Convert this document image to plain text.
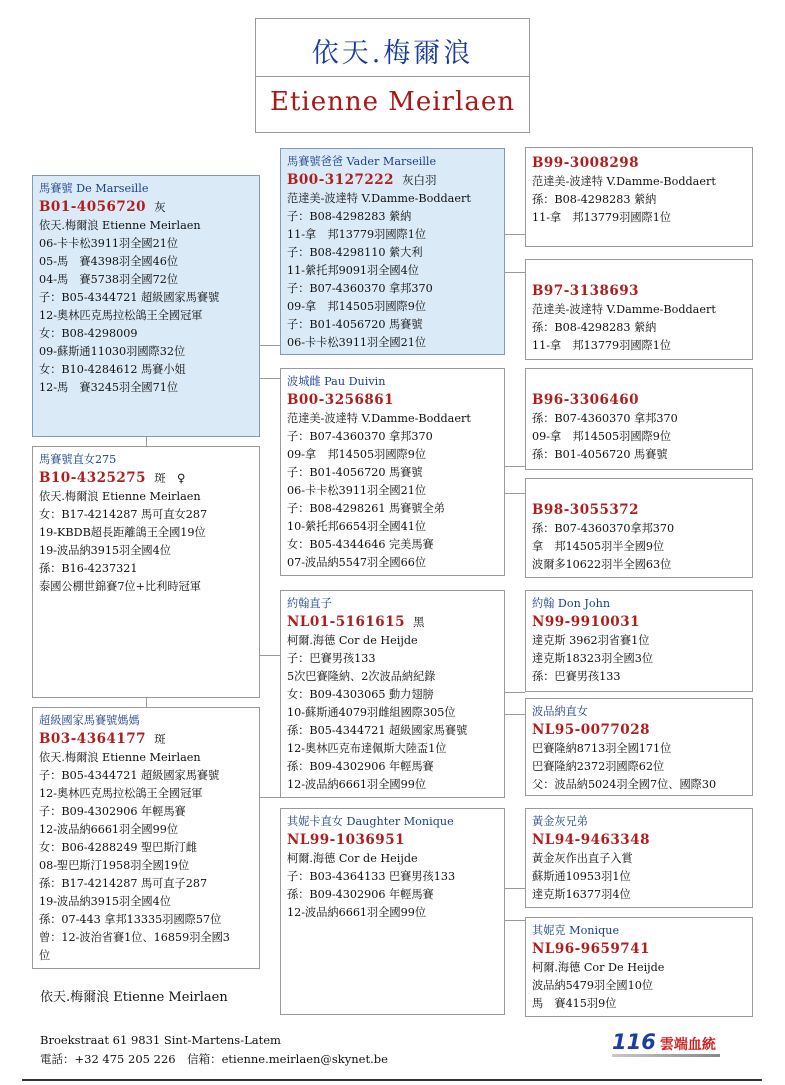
依天.梅爾浪
Etienne Meirlaen
馬賽號 De Marseille
B01-4056720 灰
依天.梅爾浪 Etienne Meirlaen
06-卡卡松3911羽全國21位
05-馬　賽4398羽全國46位
04-馬　賽5738羽全國72位
子：B05-4344721 超級國家馬賽號
12-奧林匹克馬拉松鴿王全國冠軍
女：B08-4298009
09-蘇斯通11030羽國際32位
女：B10-4284612 馬賽小姐
12-馬　賽3245羽全國71位
馬賽號直女275
B10-4325275 斑　♀
依天.梅爾浪 Etienne Meirlaen
女：B17-4214287 馬可直女287
19-KBDB超長距離鴿王全國19位
19-波品納3915羽全國4位
孫：B16-4237321
泰國公棚世錦賽7位+比利時冠軍
超級國家馬賽號媽媽
B03-4364177 斑
依天.梅爾浪 Etienne Meirlaen
子：B05-4344721 超級國家馬賽號
12-奧林匹克馬拉松鴿王全國冠軍
子：B09-4302906 年輕馬賽
12-波品納6661羽全國99位
女：B06-4288249 聖巴斯汀雌
08-聖巴斯汀1958羽全國19位
孫：B17-4214287 馬可直子287
19-波品納3915羽全國4位
孫：07-443 拿邦13335羽國際57位
曾：12-波治省賽1位、16859羽全國3
位
馬賽號爸爸 Vader Marseille
B00-3127222 灰白羽
范達美-波達特 V.Damme-Boddaert
子：B08-4298283 縈納
11-拿　邦13779羽國際1位
子：B08-4298110 縈大利
11-縈托邦9091羽全國4位
子：B07-4360370 拿邦370
09-拿　邦14505羽國際9位
子：B01-4056720 馬賽號
06-卡卡松3911羽全國21位
波城雌 Pau Duivin
B00-3256861
范達美-波達特 V.Damme-Boddaert
子：B07-4360370 拿邦370
09-拿　邦14505羽國際9位
子：B01-4056720 馬賽號
06-卡卡松3911羽全國21位
子：B08-4298261 馬賽號全弟
10-縈托邦6654羽全國41位
女：B05-4344646 完美馬賽
07-波品納5547羽全國66位
約翰直子
NL01-5161615 黑
柯爾.海德 Cor de Heijde
子：巴賽男孩133
5次巴賽隆納、2次波品納紀錄
女：B09-4303065 動力翅膀
10-蘇斯通4079羽雌組國際305位
孫：B05-4344721 超級國家馬賽號
12-奧林匹克布達佩斯大陸盃1位
孫：B09-4302906 年輕馬賽
12-波品納6661羽全國99位
其妮卡直女 Daughter Monique
NL99-1036951
柯爾.海德 Cor de Heijde
子：B03-4364133 巴賽男孩133
孫：B09-4302906 年輕馬賽
12-波品納6661羽全國99位
B99-3008298
范達美-波達特 V.Damme-Boddaert
孫：B08-4298283 縈納
11-拿　邦13779羽國際1位
B97-3138693
范達美-波達特 V.Damme-Boddaert
孫：B08-4298283 縈納
11-拿　邦13779羽國際1位
B96-3306460
孫：B07-4360370 拿邦370
09-拿　邦14505羽國際9位
孫：B01-4056720 馬賽號
B98-3055372
孫：B07-4360370拿邦370
拿　邦14505羽半全國9位
波爾多10622羽半全國63位
約翰 Don John
N99-9910031
達克斯 3962羽省賽1位
達克斯18323羽全國3位
孫：巴賽男孩133
波品納直女
NL95-0077028
巴賽隆納8713羽全國171位
巴賽隆納2372羽國際62位
父：波品納5024羽全國7位、國際30
黃金灰兄弟
NL94-9463348
黃金灰作出直子入賞
蘇斯通10953羽1位
達克斯16377羽4位
其妮克 Monique
NL96-9659741
柯爾.海德 Cor De Heijde
波品納5479羽全國10位
馬　賽415羽9位
依天.梅爾浪 Etienne Meirlaen
Broekstraat 61 9831 Sint-Martens-Latem
電話：+32 475 205 226　信箱：etienne.meirlaen@skynet.be
116 雲端血統
